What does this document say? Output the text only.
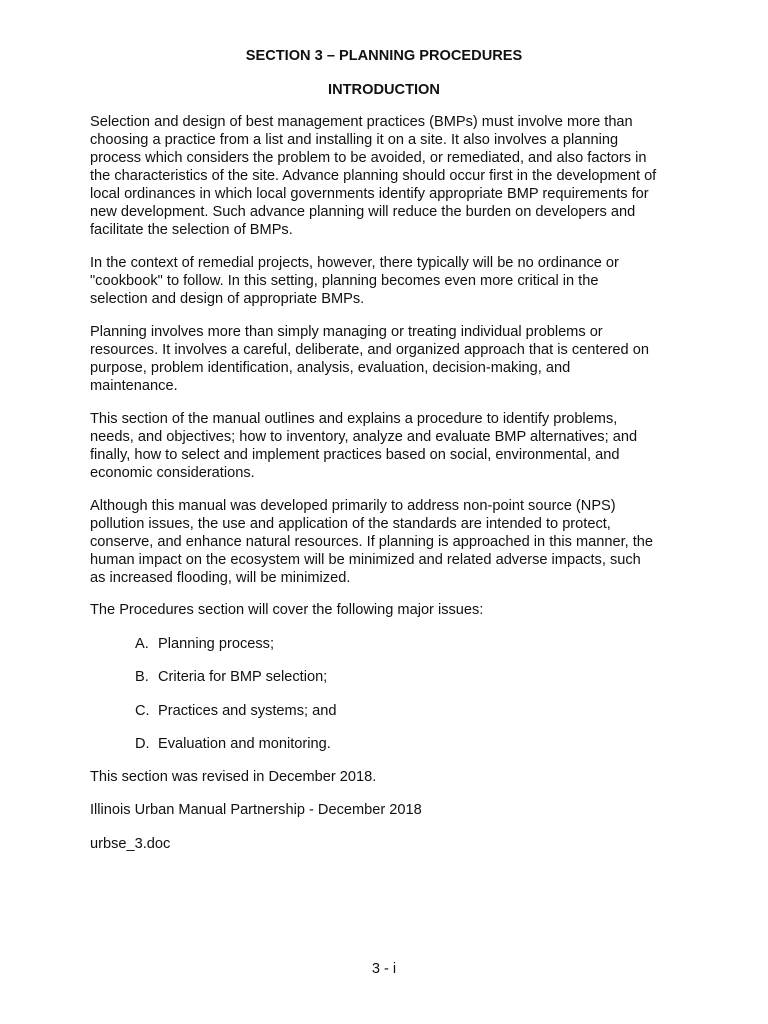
SECTION 3 – PLANNING PROCEDURES
INTRODUCTION

Selection and design of best management practices (BMPs) must involve more than
choosing a practice from a list and installing it on a site. It also involves a planning
process which considers the problem to be avoided, or remediated, and also factors in
the characteristics of the site. Advance planning should occur first in the development of
local ordinances in which local governments identify appropriate BMP requirements for
new development. Such advance planning will reduce the burden on developers and
facilitate the selection of BMPs.

In the context of remedial projects, however, there typically will be no ordinance or
"cookbook" to follow. In this setting, planning becomes even more critical in the
selection and design of appropriate BMPs.

Planning involves more than simply managing or treating individual problems or
resources. It involves a careful, deliberate, and organized approach that is centered on
purpose, problem identification, analysis, evaluation, decision-making, and
maintenance.

This section of the manual outlines and explains a procedure to identify problems,
needs, and objectives; how to inventory, analyze and evaluate BMP alternatives; and
finally, how to select and implement practices based on social, environmental, and
economic considerations.

Although this manual was developed primarily to address non-point source (NPS)
pollution issues, the use and application of the standards are intended to protect,
conserve, and enhance natural resources. If planning is approached in this manner, the
human impact on the ecosystem will be minimized and related adverse impacts, such
as increased flooding, will be minimized.

The Procedures section will cover the following major issues:
A. Planning process;
B. Criteria for BMP selection;
C. Practices and systems; and
D. Evaluation and monitoring.
This section was revised in December 2018.
Illinois Urban Manual Partnership - December 2018
urbse_3.doc
3 - i
